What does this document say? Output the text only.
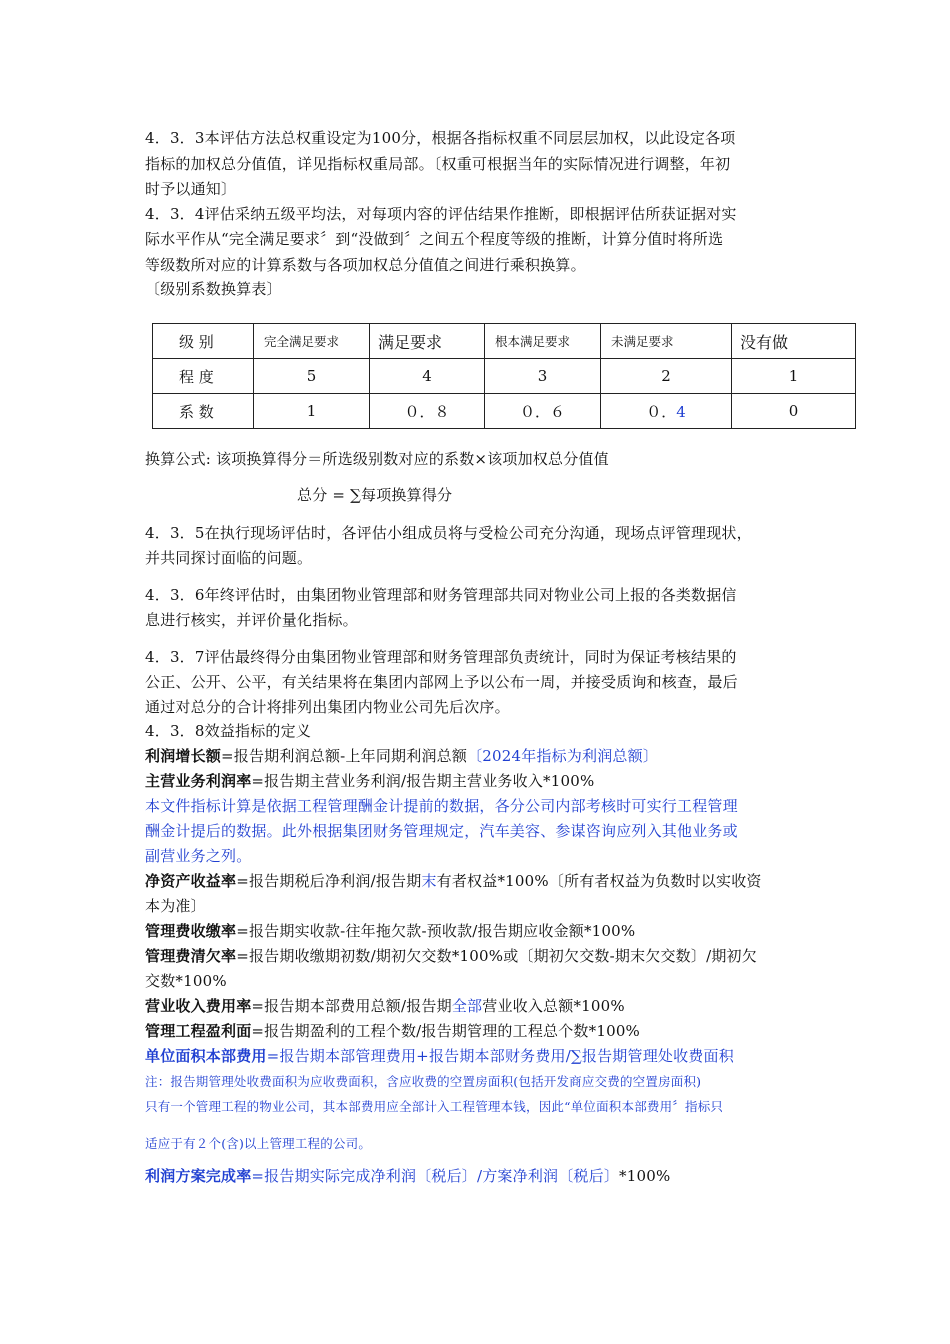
4．3．3本评估方法总权重设定为100分，根据各指标权重不同层层加权，以此设定各项
指标的加权总分值值，详见指标权重局部。〔权重可根据当年的实际情况进行调整，年初
时予以通知〕
4．3．4评估采纳五级平均法，对每项内容的评估结果作推断，即根据评估所获证据对实
际水平作从“完全满足要求〞到“没做到〞之间五个程度等级的推断，计算分值时将所选
等级数所对应的计算系数与各项加权总分值值之间进行乘积换算。
〔级别系数换算表〕
级 别	完全满足要求	满足要求	根本满足要求	未满足要求	没有做
程 度	5	4	3	2	1
系 数	1	０．８	０．６	０．4	0
换算公式: 该项换算得分＝所选级别数对应的系数×该项加权总分值值
总分 = ∑每项换算得分
4．3．5在执行现场评估时，各评估小组成员将与受检公司充分沟通，现场点评管理现状，
并共同探讨面临的问题。
4．3．6年终评估时，由集团物业管理部和财务管理部共同对物业公司上报的各类数据信
息进行核实，并评价量化指标。
4．3．7评估最终得分由集团物业管理部和财务管理部负责统计，同时为保证考核结果的
公正、公开、公平，有关结果将在集团内部网上予以公布一周，并接受质询和核查，最后
通过对总分的合计将排列出集团内物业公司先后次序。
4．3．8效益指标的定义
利润增长额=报告期利润总额-上年同期利润总额〔2024年指标为利润总额〕
主营业务利润率=报告期主营业务利润/报告期主营业务收入*100%
本文件指标计算是依据工程管理酬金计提前的数据，各分公司内部考核时可实行工程管理
酬金计提后的数据。此外根据集团财务管理规定，汽车美容、参谋咨询应列入其他业务或
副营业务之列。
净资产收益率=报告期税后净利润/报告期末有者权益*100%〔所有者权益为负数时以实收资
本为准〕
管理费收缴率=报告期实收款-往年拖欠款-预收款/报告期应收金额*100%
管理费清欠率=报告期收缴期初数/期初欠交数*100%或〔期初欠交数-期末欠交数〕/期初欠
交数*100%
营业收入费用率=报告期本部费用总额/报告期全部营业收入总额*100%
管理工程盈利面=报告期盈利的工程个数/报告期管理的工程总个数*100%
单位面积本部费用=报告期本部管理费用+报告期本部财务费用/∑报告期管理处收费面积
注：报告期管理处收费面积为应收费面积，含应收费的空置房面积(包括开发商应交费的空置房面积)
只有一个管理工程的物业公司，其本部费用应全部计入工程管理本钱，因此“单位面积本部费用〞指标只
适应于有２个(含)以上管理工程的公司。
利润方案完成率=报告期实际完成净利润〔税后〕/方案净利润〔税后〕*100%
